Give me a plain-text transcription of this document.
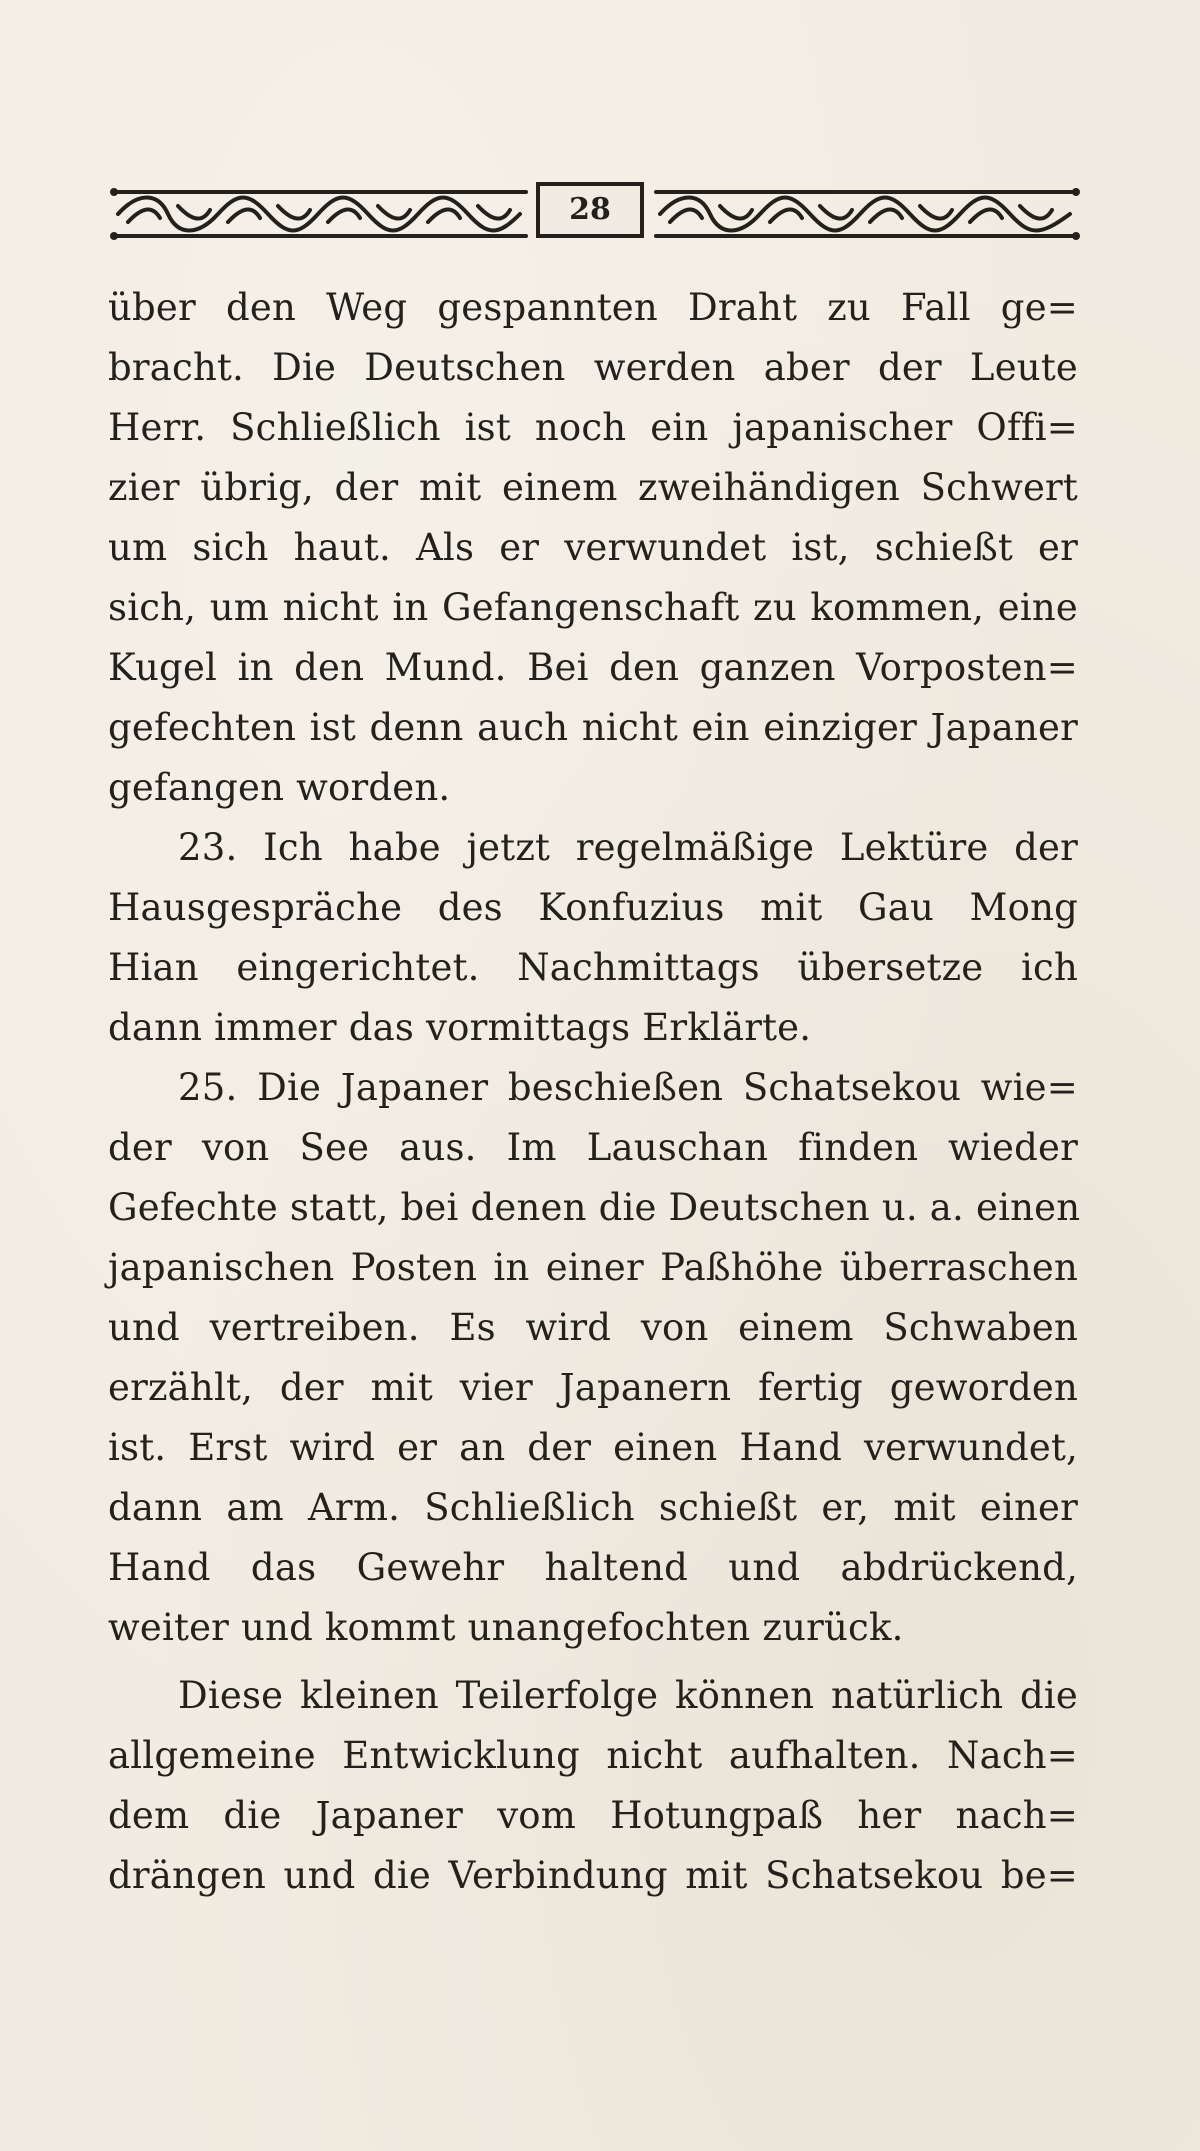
28
über den Weg gespannten Draht zu Fall ge=
bracht. Die Deutschen werden aber der Leute
Herr. Schließlich ist noch ein japanischer Offi=
zier übrig, der mit einem zweihändigen Schwert
um sich haut. Als er verwundet ist, schießt er
sich, um nicht in Gefangenschaft zu kommen, eine
Kugel in den Mund. Bei den ganzen Vorposten=
gefechten ist denn auch nicht ein einziger Japaner
gefangen worden.
23. Ich habe jetzt regelmäßige Lektüre der
Hausgespräche des Konfuzius mit Gau Mong
Hian eingerichtet. Nachmittags übersetze ich
dann immer das vormittags Erklärte.
25. Die Japaner beschießen Schatsekou wie=
der von See aus. Im Lauschan finden wieder
Gefechte statt, bei denen die Deutschen u. a. einen
japanischen Posten in einer Paßhöhe überraschen
und vertreiben. Es wird von einem Schwaben
erzählt, der mit vier Japanern fertig geworden
ist. Erst wird er an der einen Hand verwundet,
dann am Arm. Schließlich schießt er, mit einer
Hand das Gewehr haltend und abdrückend,
weiter und kommt unangefochten zurück.
Diese kleinen Teilerfolge können natürlich die
allgemeine Entwicklung nicht aufhalten. Nach=
dem die Japaner vom Hotungpaß her nach=
drängen und die Verbindung mit Schatsekou be=
